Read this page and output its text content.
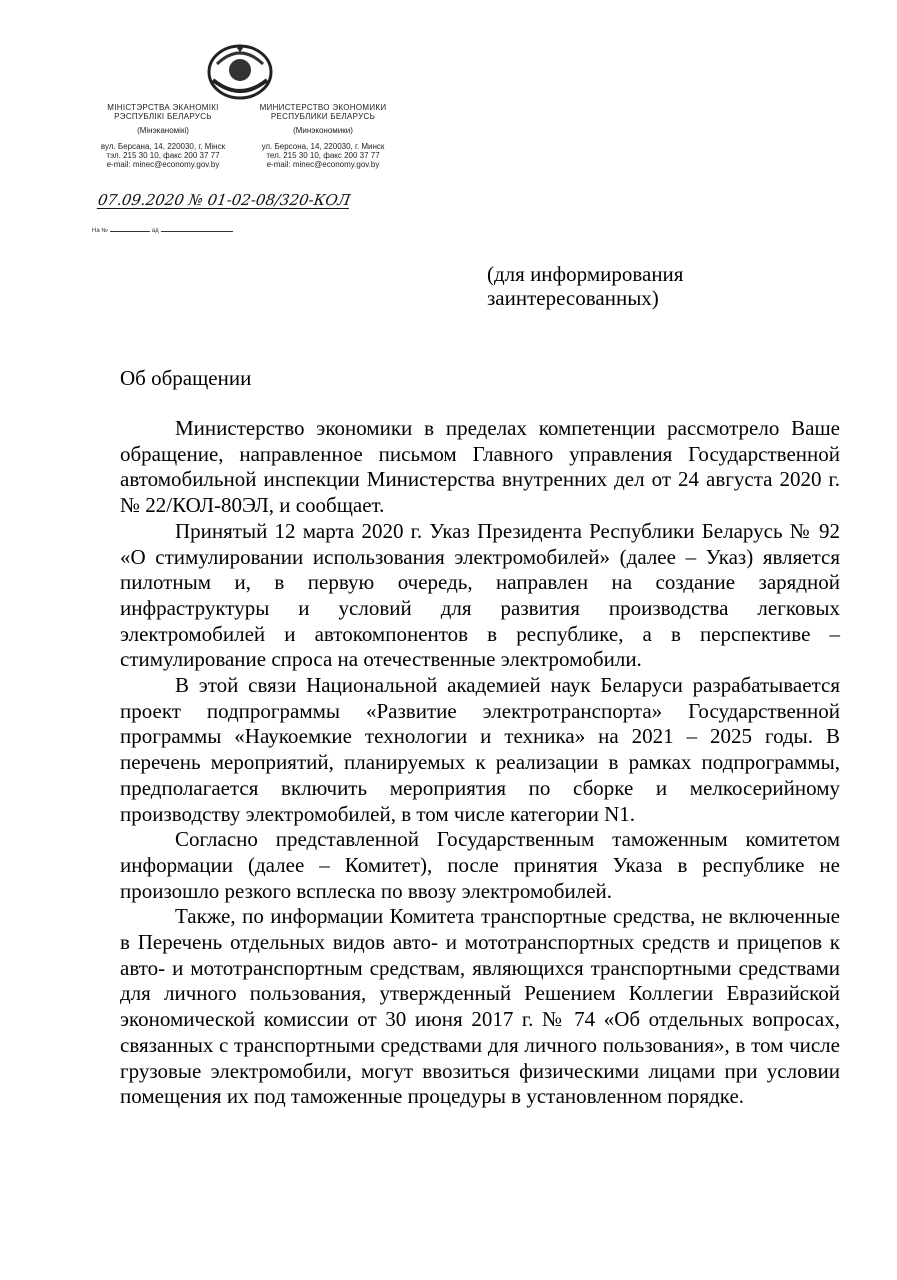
МІНІСТЭРСТВА ЭКАНОМІКІ
РЭСПУБЛІКІ БЕЛАРУСЬ
(Мінэканомікі)
вул. Берсана, 14, 220030, г. Мінск
тэл. 215 30 10, факс 200 37 77
e-mail: minec@economy.gov.by
МИНИСТЕРСТВО ЭКОНОМИКИ
РЕСПУБЛИКИ БЕЛАРУСЬ
(Минэкономики)
ул. Берсона, 14, 220030, г. Минск
тел. 215 30 10, факс 200 37 77
e-mail: minec@economy.gov.by
07.09.2020 № 01-02-08/320-КОЛ
На №	ад
(для информирования
заинтересованных)
Об обращении

Министерство экономики в пределах компетенции рассмотрело Ваше обращение, направленное письмом Главного управления Государственной автомобильной инспекции Министерства внутренних дел от 24 августа 2020 г. № 22/КОЛ-80ЭЛ, и сообщает.

Принятый 12 марта 2020 г. Указ Президента Республики Беларусь № 92 «О стимулировании использования электромобилей» (далее – Указ) является пилотным и, в первую очередь, направлен на создание зарядной инфраструктуры и условий для развития производства легковых электромобилей и автокомпонентов в республике, а в перспективе – стимулирование спроса на отечественные электромобили.

В этой связи Национальной академией наук Беларуси разрабатывается проект подпрограммы «Развитие электротранспорта» Государственной программы «Наукоемкие технологии и техника» на 2021 – 2025 годы. В перечень мероприятий, планируемых к реализации в рамках подпрограммы, предполагается включить мероприятия по сборке и мелкосерийному производству электромобилей, в том числе категории N1.

Согласно представленной Государственным таможенным комитетом информации (далее – Комитет), после принятия Указа в республике не произошло резкого всплеска по ввозу электромобилей.

Также, по информации Комитета транспортные средства, не включенные в Перечень отдельных видов авто- и мототранспортных средств и прицепов к авто- и мототранспортным средствам, являющихся транспортными средствами для личного пользования, утвержденный Решением Коллегии Евразийской экономической комиссии от 30 июня 2017 г. № 74 «Об отдельных вопросах, связанных с транспортными средствами для личного пользования», в том числе грузовые электромобили, могут ввозиться физическими лицами при условии помещения их под таможенные процедуры в установленном порядке.
